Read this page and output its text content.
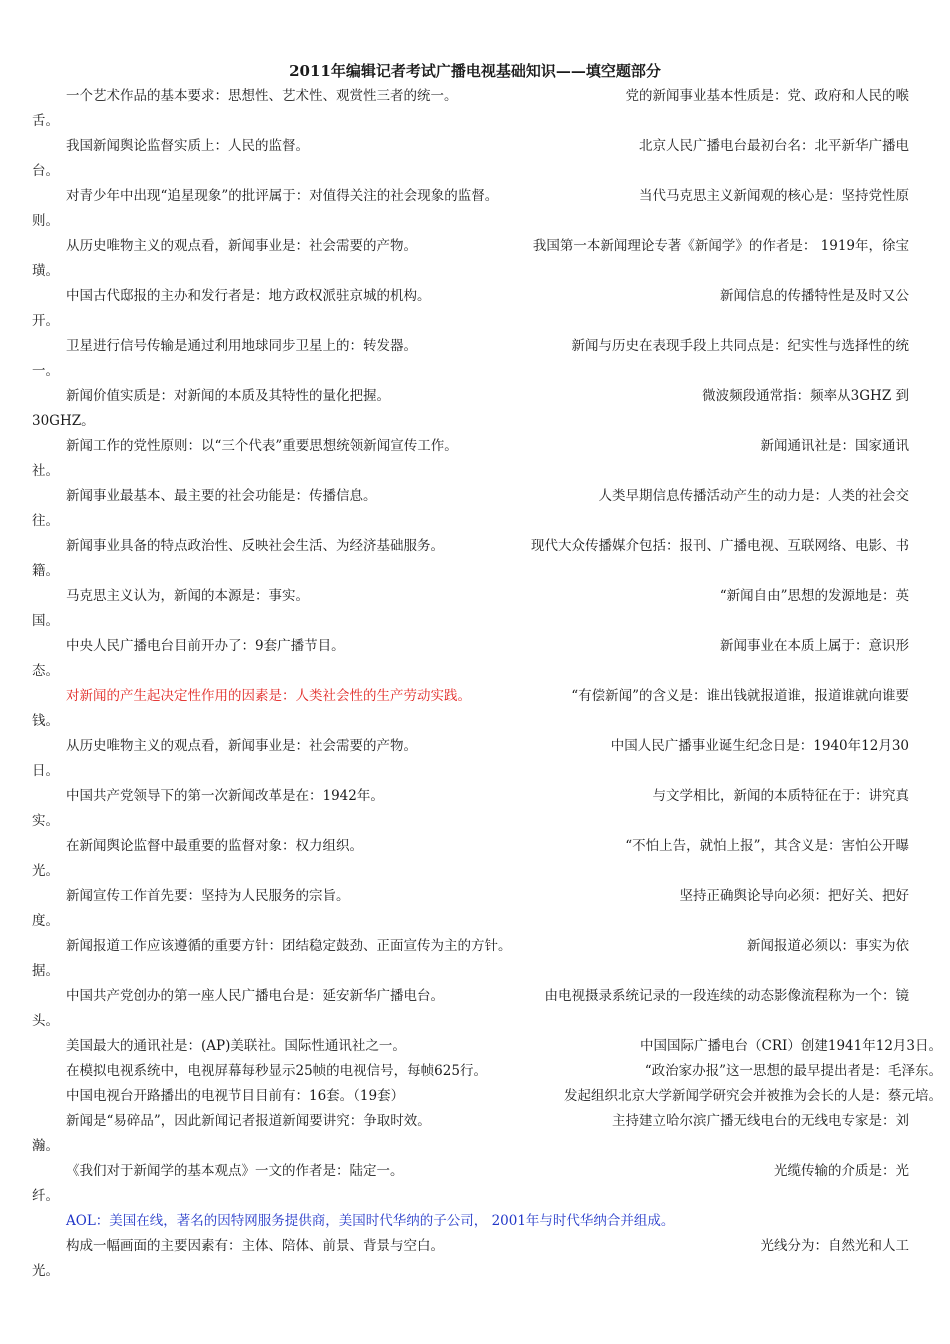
2011年编辑记者考试广播电视基础知识——填空题部分
一个艺术作品的基本要求：思想性、艺术性、观赏性三者的统一。	党的新闻事业基本性质是：党、政府和人民的喉
舌。
我国新闻舆论监督实质上：人民的监督。	北京人民广播电台最初台名：北平新华广播电
台。
对青少年中出现“追星现象”的批评属于：对值得关注的社会现象的监督。	当代马克思主义新闻观的核心是：坚持党性原
则。
从历史唯物主义的观点看，新闻事业是：社会需要的产物。	我国第一本新闻理论专著《新闻学》的作者是： 1919年，徐宝
璜。
中国古代邸报的主办和发行者是：地方政权派驻京城的机构。	新闻信息的传播特性是及时又公
开。
卫星进行信号传输是通过利用地球同步卫星上的：转发器。	新闻与历史在表现手段上共同点是：纪实性与选择性的统
一。
新闻价值实质是：对新闻的本质及其特性的量化把握。	微波频段通常指：频率从3GHZ 到
30GHZ。
新闻工作的党性原则：以“三个代表”重要思想统领新闻宣传工作。	新闻通讯社是：国家通讯
社。
新闻事业最基本、最主要的社会功能是：传播信息。	人类早期信息传播活动产生的动力是：人类的社会交
往。
新闻事业具备的特点政治性、反映社会生活、为经济基础服务。	现代大众传播媒介包括：报刊、广播电视、互联网络、电影、书
籍。
马克思主义认为，新闻的本源是：事实。	“新闻自由”思想的发源地是：英
国。
中央人民广播电台目前开办了：9套广播节目。	新闻事业在本质上属于：意识形
态。
对新闻的产生起决定性作用的因素是：人类社会性的生产劳动实践。	“有偿新闻”的含义是：谁出钱就报道谁，报道谁就向谁要
钱。
从历史唯物主义的观点看，新闻事业是：社会需要的产物。	中国人民广播事业诞生纪念日是：1940年12月30
日。
中国共产党领导下的第一次新闻改革是在：1942年。	与文学相比，新闻的本质特征在于：讲究真
实。
在新闻舆论监督中最重要的监督对象：权力组织。	“不怕上告，就怕上报”，其含义是：害怕公开曝
光。
新闻宣传工作首先要：坚持为人民服务的宗旨。	坚持正确舆论导向必须：把好关、把好
度。
新闻报道工作应该遵循的重要方针：团结稳定鼓劲、正面宣传为主的方针。	新闻报道必须以：事实为依
据。
中国共产党创办的第一座人民广播电台是：延安新华广播电台。	由电视摄录系统记录的一段连续的动态影像流程称为一个：镜
头。
美国最大的通讯社是：(AP)美联社。国际性通讯社之一。	中国国际广播电台（CRI）创建1941年12月3日。
在模拟电视系统中，电视屏幕每秒显示25帧的电视信号，每帧625行。	“政治家办报”这一思想的最早提出者是：毛泽东。
中国电视台开路播出的电视节目目前有：16套。（19套）	发起组织北京大学新闻学研究会并被推为会长的人是：蔡元培。
新闻是“易碎品”，因此新闻记者报道新闻要讲究：争取时效。	主持建立哈尔滨广播无线电台的无线电专家是：刘
瀚。
《我们对于新闻学的基本观点》一文的作者是：陆定一。	光缆传输的介质是：光
纤。
AOL：美国在线，著名的因特网服务提供商，美国时代华纳的子公司， 2001年与时代华纳合并组成。
构成一幅画面的主要因素有：主体、陪体、前景、背景与空白。	光线分为：自然光和人工
光。
